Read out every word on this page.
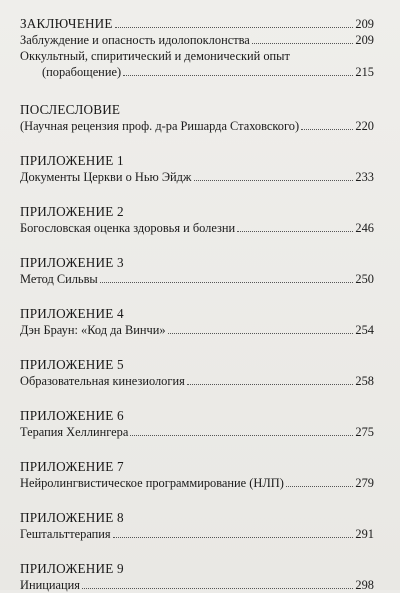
ЗАКЛЮЧЕНИЕ	209
Заблуждение и опасность идолопоклонства	209
Оккультный, спиритический и демонический опыт
(порабощение)	215
ПОСЛЕСЛОВИЕ
(Научная рецензия проф. д-ра Ришарда Стаховского)	220
ПРИЛОЖЕНИЕ 1
Документы Церкви о Нью Эйдж	233
ПРИЛОЖЕНИЕ 2
Богословская оценка здоровья и болезни	246
ПРИЛОЖЕНИЕ 3
Метод Сильвы	250
ПРИЛОЖЕНИЕ 4
Дэн Браун: «Код да Винчи»	254
ПРИЛОЖЕНИЕ 5
Образовательная кинезиология	258
ПРИЛОЖЕНИЕ 6
Терапия Хеллингера	275
ПРИЛОЖЕНИЕ 7
Нейролингвистическое программирование (НЛП)	279
ПРИЛОЖЕНИЕ 8
Гештальттерапия	291
ПРИЛОЖЕНИЕ 9
Инициация	298
